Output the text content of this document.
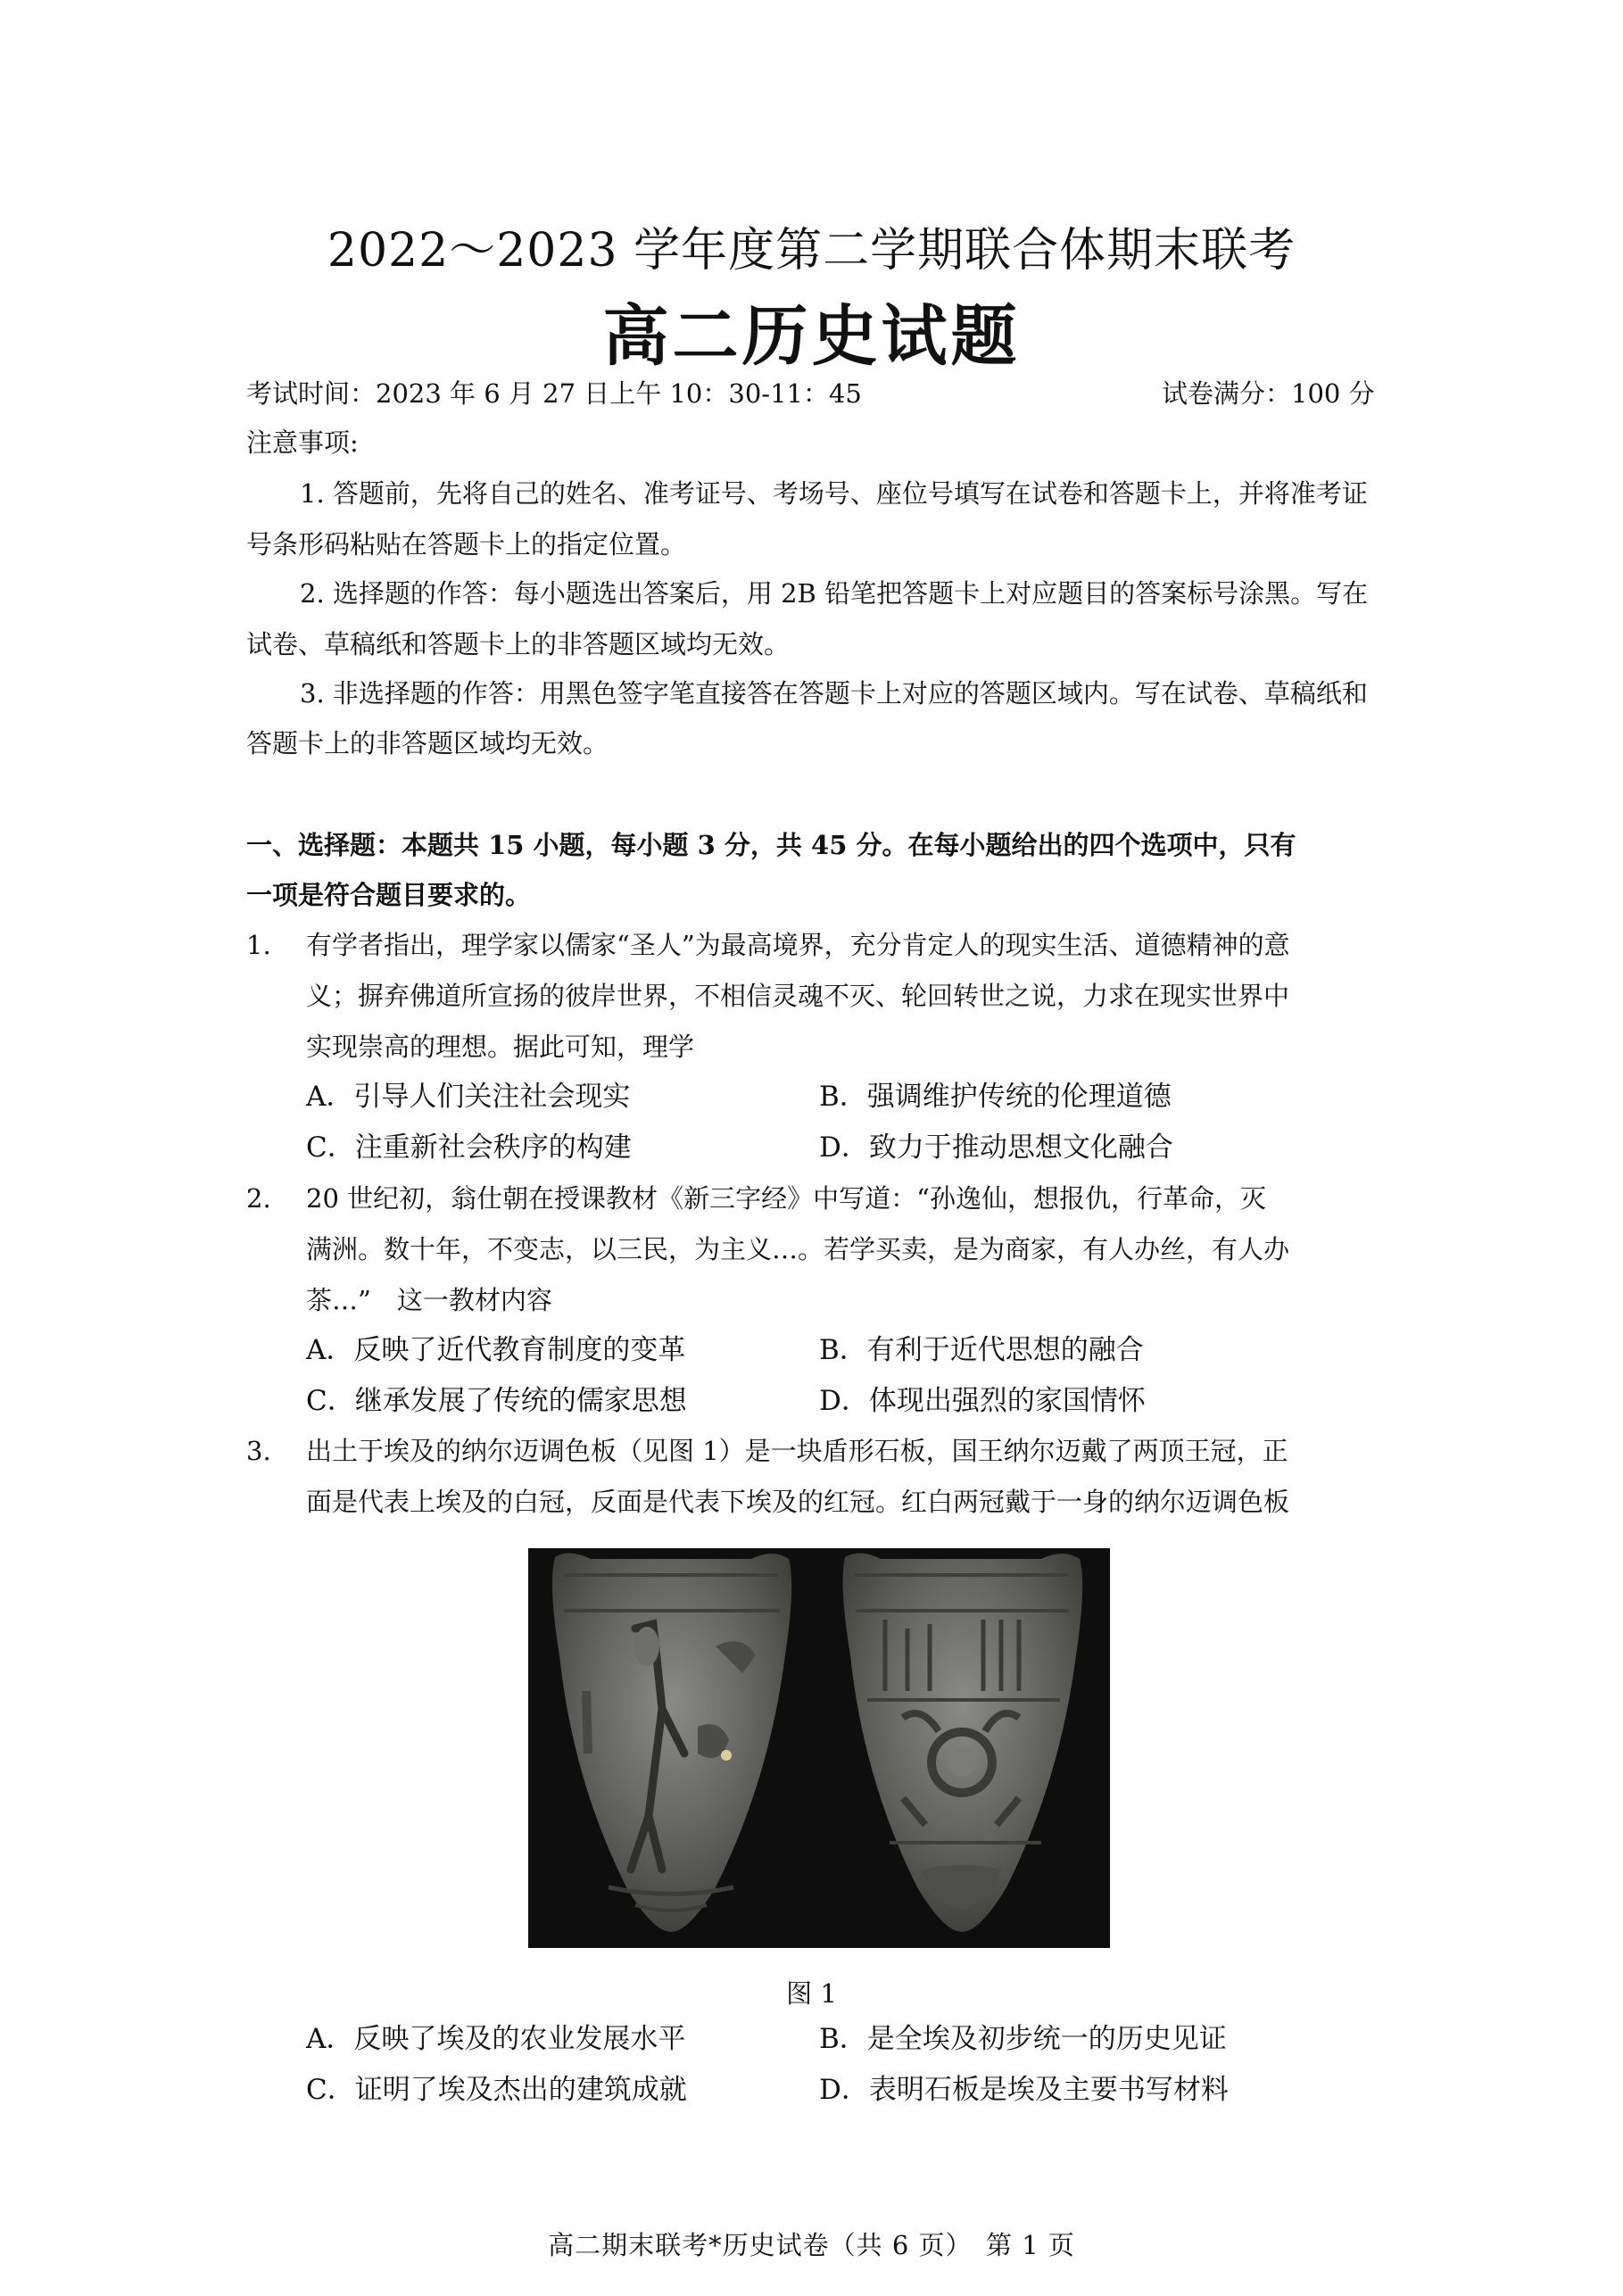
2022～2023 学年度第二学期联合体期末联考
高二历史试题
考试时间：2023 年 6 月 27 日上午 10：30-11：45	试卷满分：100 分
注意事项:
1. 答题前，先将自己的姓名、准考证号、考场号、座位号填写在试卷和答题卡上，并将准考证
号条形码粘贴在答题卡上的指定位置。
2. 选择题的作答：每小题选出答案后，用 2B 铅笔把答题卡上对应题目的答案标号涂黑。写在
试卷、草稿纸和答题卡上的非答题区域均无效。
3. 非选择题的作答：用黑色签字笔直接答在答题卡上对应的答题区域内。写在试卷、草稿纸和
答题卡上的非答题区域均无效。
一、选择题：本题共 15 小题，每小题 3 分，共 45 分。在每小题给出的四个选项中，只有
一项是符合题目要求的。
1. 有学者指出，理学家以儒家“圣人”为最高境界，充分肯定人的现实生活、道德精神的意
义；摒弃佛道所宣扬的彼岸世界，不相信灵魂不灭、轮回转世之说，力求在现实世界中
实现崇高的理想。据此可知，理学
A．引导人们关注社会现实	B．强调维护传统的伦理道德
C．注重新社会秩序的构建	D．致力于推动思想文化融合
2. 20 世纪初，翁仕朝在授课教材《新三字经》中写道：“孙逸仙，想报仇，行革命，灭
满洲。数十年，不变志，以三民，为主义…。若学买卖，是为商家，有人办丝，有人办
茶…”　这一教材内容
A．反映了近代教育制度的变革	B．有利于近代思想的融合
C．继承发展了传统的儒家思想	D．体现出强烈的家国情怀
3. 出土于埃及的纳尔迈调色板（见图 1）是一块盾形石板，国王纳尔迈戴了两顶王冠，正
面是代表上埃及的白冠，反面是代表下埃及的红冠。红白两冠戴于一身的纳尔迈调色板
图 1
A．反映了埃及的农业发展水平	B．是全埃及初步统一的历史见证
C．证明了埃及杰出的建筑成就	D．表明石板是埃及主要书写材料
高二期末联考*历史试卷（共 6 页）　第 1 页
